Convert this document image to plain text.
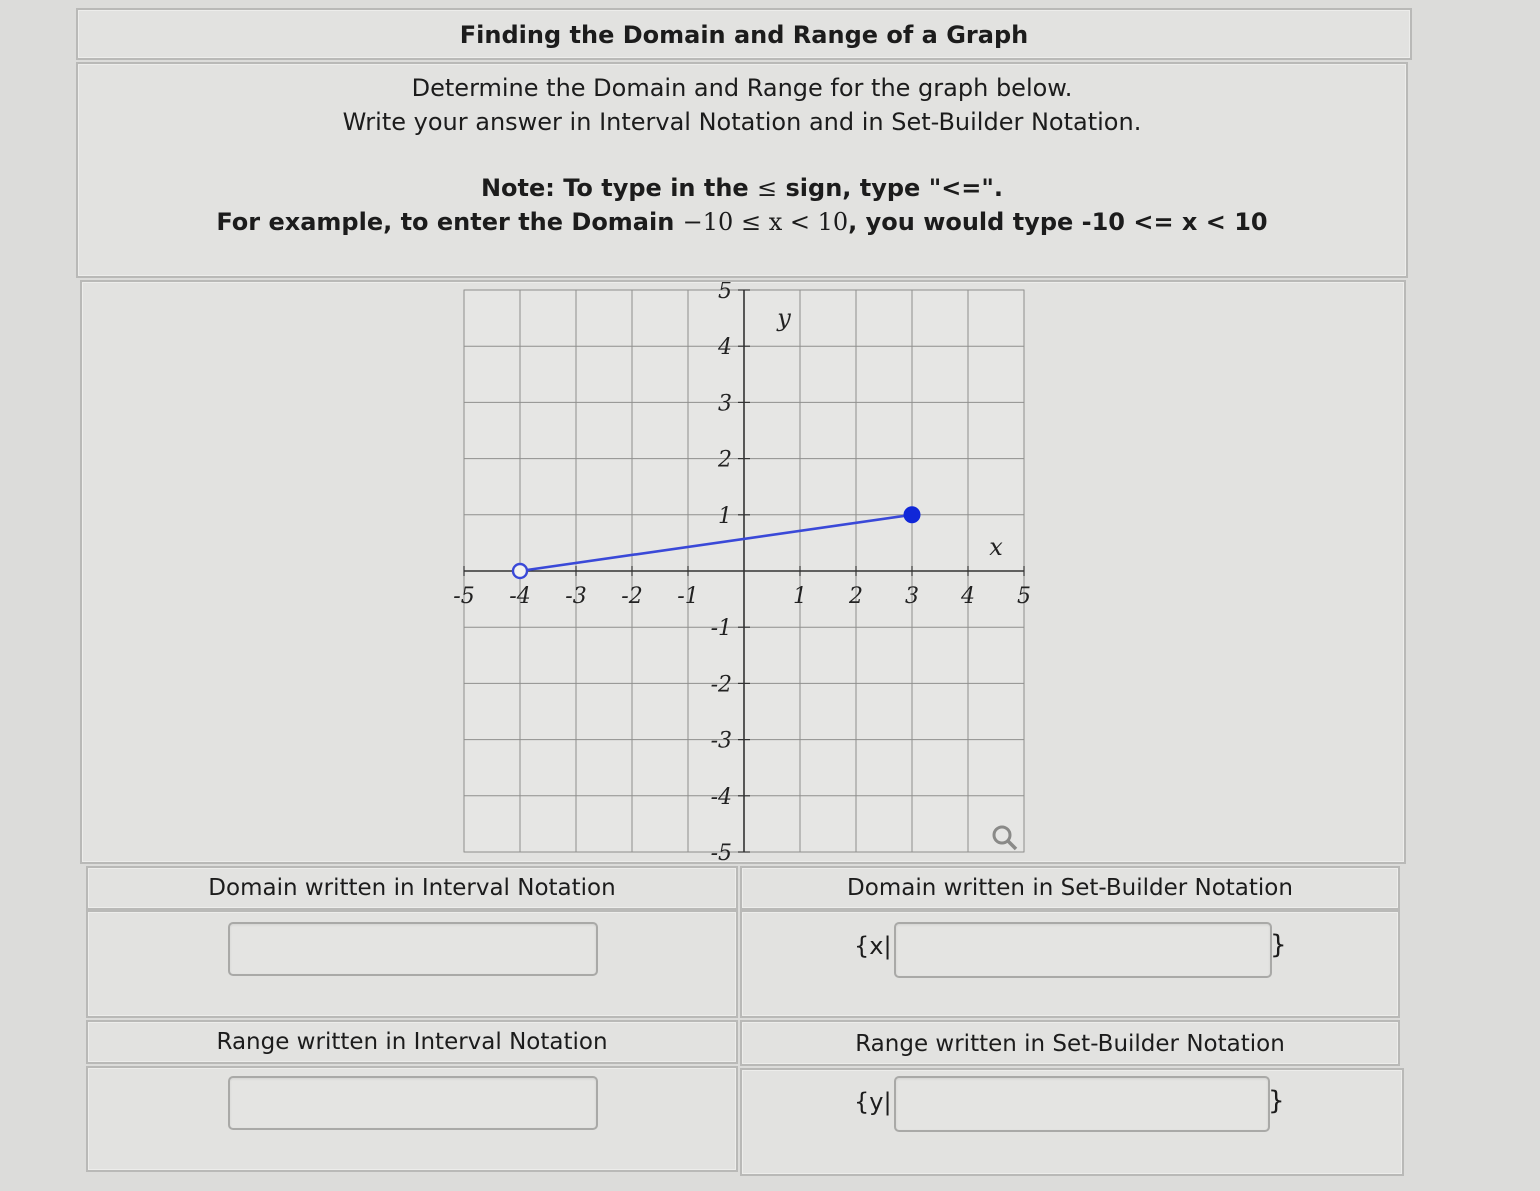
Finding the Domain and Range of a Graph
Determine the Domain and Range for the graph below.
Write your answer in Interval Notation and in Set-Builder Notation.
Note: To type in the ≤ sign, type "<=".
For example, to enter the Domain −10 ≤ x < 10, you would type -10 <= x < 10
-5 -4 -3 -2 -1	1 2 3 4 5
5
4
3
2
1
-1
-2
-3
-4
-5
y
x
Domain written in Interval Notation	Domain written in Set-Builder Notation
{x|	}
Range written in Interval Notation	Range written in Set-Builder Notation
{y|	}
